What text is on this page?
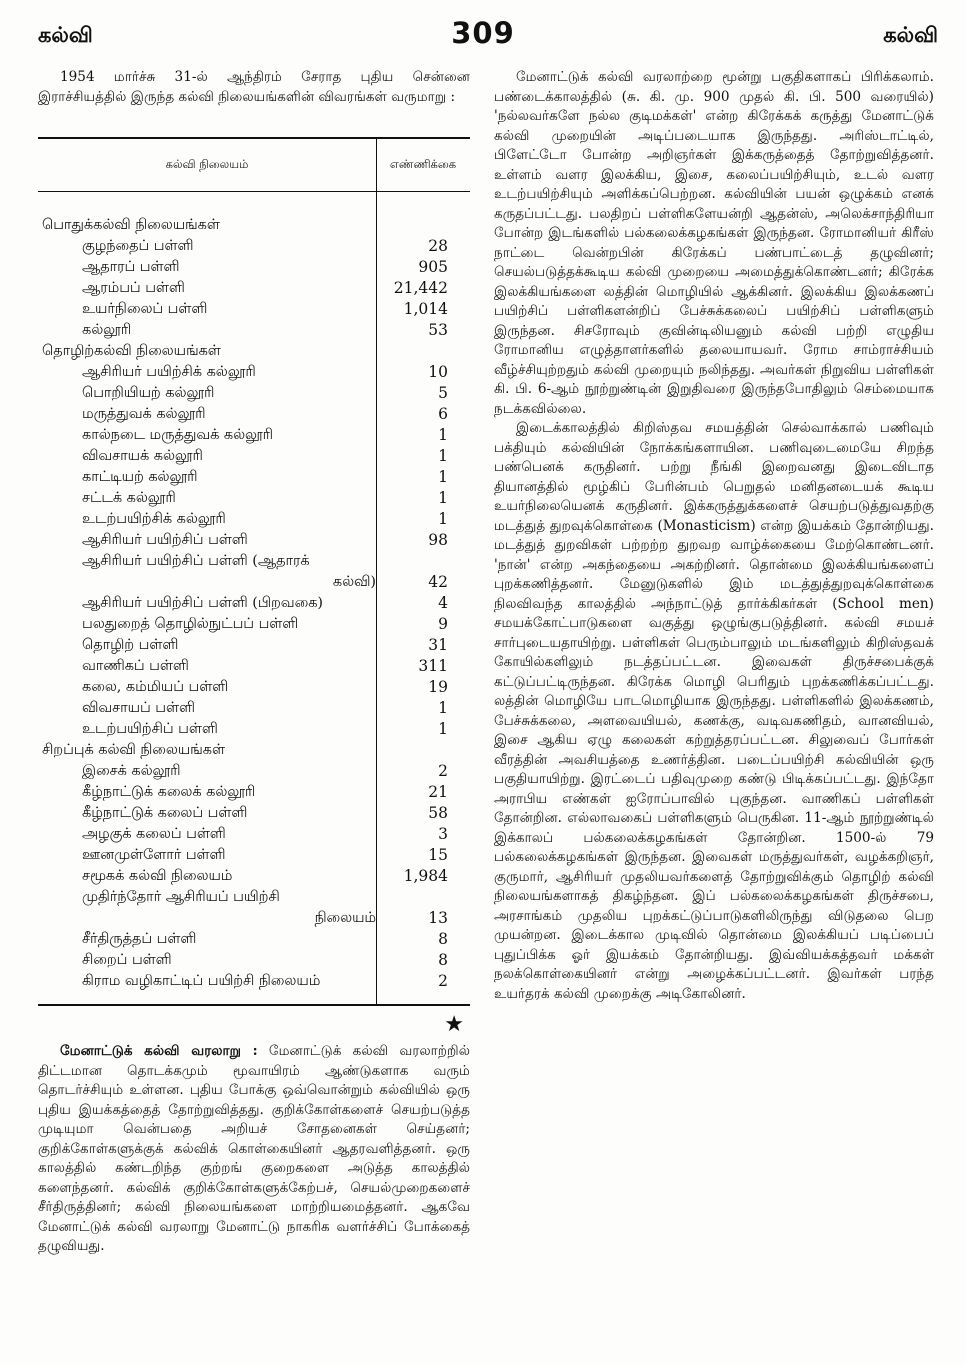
கல்வி	309	கல்வி

1954 மார்ச்சு 31-ல் ஆந்திரம் சேராத புதிய சென்னை இராச்சியத்தில் இருந்த கல்வி நிலையங்களின் விவரங்கள் வருமாறு :

கல்வி நிலையம்	எண்ணிக்கை
பொதுக்கல்வி நிலையங்கள்
குழந்தைப் பள்ளி	28
ஆதாரப் பள்ளி	905
ஆரம்பப் பள்ளி	21,442
உயர்நிலைப் பள்ளி	1,014
கல்லூரி	53
தொழிற்கல்வி நிலையங்கள்
ஆசிரியர் பயிற்சிக் கல்லூரி	10
பொறியியற் கல்லூரி	5
மருத்துவக் கல்லூரி	6
கால்நடை மருத்துவக் கல்லூரி	1
விவசாயக் கல்லூரி	1
காட்டியற் கல்லூரி	1
சட்டக் கல்லூரி	1
உடற்பயிற்சிக் கல்லூரி	1
ஆசிரியர் பயிற்சிப் பள்ளி	98
ஆசிரியர் பயிற்சிப் பள்ளி (ஆதாரக்
கல்வி)	42
ஆசிரியர் பயிற்சிப் பள்ளி (பிறவகை)	4
பலதுறைத் தொழில்நுட்பப் பள்ளி	9
தொழிற் பள்ளி	31
வாணிகப் பள்ளி	311
கலை, கம்மியப் பள்ளி	19
விவசாயப் பள்ளி	1
உடற்பயிற்சிப் பள்ளி	1
சிறப்புக் கல்வி நிலையங்கள்
இசைக் கல்லூரி	2
கீழ்நாட்டுக் கலைக் கல்லூரி	21
கீழ்நாட்டுக் கலைப் பள்ளி	58
அழகுக் கலைப் பள்ளி	3
ஊனமுள்ளோர் பள்ளி	15
சமூகக் கல்வி நிலையம்	1,984
முதிர்ந்தோர் ஆசிரியப் பயிற்சி
நிலையம்	13
சீர்திருத்தப் பள்ளி	8
சிறைப் பள்ளி	8
கிராம வழிகாட்டிப் பயிற்சி நிலையம்	2
★

மேனாட்டுக் கல்வி வரலாறு : மேனாட்டுக் கல்வி வரலாற்றில் திட்டமான தொடக்கமும் மூவாயிரம் ஆண்டுகளாக வரும் தொடர்ச்சியும் உள்ளன. புதிய போக்கு ஒவ்வொன்றும் கல்வியில் ஒரு புதிய இயக்கத்தைத் தோற்றுவித்தது. குறிக்கோள்களைச் செயற்படுத்த முடியுமா வென்பதை அறியச் சோதனைகள் செய்தனர்; குறிக்கோள்களுக்குக் கல்விக் கொள்கையினர் ஆதரவளித்தனர். ஒரு காலத்தில் கண்டறிந்த குற்றங் குறைகளை அடுத்த காலத்தில் களைந்தனர். கல்விக் குறிக்கோள்களுக்கேற்பச், செயல்முறைகளைச் சீர்திருத்தினர்; கல்வி நிலையங்களை மாற்றியமைத்தனர். ஆகவே மேனாட்டுக் கல்வி வரலாறு மேனாட்டு நாகரிக வளர்ச்சிப் போக்கைத் தழுவியது.

மேனாட்டுக் கல்வி வரலாற்றை மூன்று பகுதிகளாகப் பிரிக்கலாம். பண்டைக்காலத்தில் (சு. கி. மு. 900 முதல் கி. பி. 500 வரையில்) 'நல்லவர்களே நல்ல குடிமக்கள்' என்ற கிரேக்கக் கருத்து மேனாட்டுக் கல்வி முறையின் அடிப்படையாக இருந்தது. அரிஸ்டாட்டில், பிளேட்டோ போன்ற அறிஞர்கள் இக்கருத்தைத் தோற்றுவித்தனர். உள்ளம் வளர இலக்கிய, இசை, கலைப்பயிற்சியும், உடல் வளர உடற்பயிற்சியும் அளிக்கப்பெற்றன. கல்வியின் பயன் ஒழுக்கம் எனக் கருதப்பட்டது. பலதிறப் பள்ளிகளேயன்றி ஆதன்ஸ், அலெக்சாந்திரியா போன்ற இடங்களில் பல்கலைக்கழகங்கள் இருந்தன. ரோமானியர் கிரீஸ் நாட்டை வென்றபின் கிரேக்கப் பண்பாட்டைத் தழுவினர்; செயல்படுத்தக்கூடிய கல்வி முறையை அமைத்துக்கொண்டனர்; கிரேக்க இலக்கியங்களை லத்தின் மொழியில் ஆக்கினர். இலக்கிய இலக்கணப் பயிற்சிப் பள்ளிகளன்றிப் பேச்சுக்கலைப் பயிற்சிப் பள்ளிகளும் இருந்தன. சிசரோவும் குவின்டிலியனும் கல்வி பற்றி எழுதிய ரோமானிய எழுத்தாளர்களில் தலையாயவர். ரோம சாம்ராச்சியம் வீழ்ச்சியுற்றதும் கல்வி முறையும் நலிந்தது. அவர்கள் நிறுவிய பள்ளிகள் கி. பி. 6-ஆம் நூற்றுண்டின் இறுதிவரை இருந்தபோதிலும் செம்மையாக நடக்கவில்லை.

இடைக்காலத்தில் கிறிஸ்தவ சமயத்தின் செல்வாக்கால் பணிவும் பக்தியும் கல்வியின் நோக்கங்களாயின. பணிவுடைமையே சிறந்த பண்பெனக் கருதினர். பற்று நீங்கி இறைவனது இடைவிடாத தியானத்தில் மூழ்கிப் பேரின்பம் பெறுதல் மனிதனடையக் கூடிய உயர்நிலையெனக் கருதினர். இக்கருத்துக்களைச் செயற்படுத்துவதற்கு மடத்துத் துறவுக்கொள்கை (Monasticism) என்ற இயக்கம் தோன்றியது. மடத்துத் துறவிகள் பற்றற்ற துறவற வாழ்க்கையை மேற்கொண்டனர். 'நான்' என்ற அகந்தையை அகற்றினர். தொன்மை இலக்கியங்களைப் புறக்கணித்தனர். மேனுடுகளில் இம் மடத்துத்துறவுக்கொள்கை நிலவிவந்த காலத்தில் அந்நாட்டுத் தார்க்கிகர்கள் (School men) சமயக்கோட்பாடுகளை வகுத்து ஒழுங்குபடுத்தினர். கல்வி சமயச் சார்புடையதாயிற்று. பள்ளிகள் பெரும்பாலும் மடங்களிலும் கிறிஸ்தவக் கோயில்களிலும் நடத்தப்பட்டன. இவைகள் திருச்சபைக்குக் கட்டுப்பட்டிருந்தன. கிரேக்க மொழி பெரிதும் புறக்கணிக்கப்பட்டது. லத்தின் மொழியே பாடமொழியாக இருந்தது. பள்ளிகளில் இலக்கணம், பேச்சுக்கலை, அளவையியல், கணக்கு, வடிவகணிதம், வானவியல், இசை ஆகிய ஏழு கலைகள் கற்றுத்தரப்பட்டன. சிலுவைப் போர்கள் வீரத்தின் அவசியத்தை உணர்த்தின. படைப்பயிற்சி கல்வியின் ஒரு பகுதியாயிற்று. இரட்டைப் பதிவுமுறை கண்டு பிடிக்கப்பட்டது. இந்தோ அராபிய எண்கள் ஐரோப்பாவில் புகுந்தன. வாணிகப் பள்ளிகள் தோன்றின. எல்லாவகைப் பள்ளிகளும் பெருகின. 11-ஆம் நூற்றுண்டில் இக்காலப் பல்கலைக்கழகங்கள் தோன்றின. 1500-ல் 79 பல்கலைக்கழகங்கள் இருந்தன. இவைகள் மருத்துவர்கள், வழக்கறிஞர், குருமார், ஆசிரியர் முதலியவர்களைத் தோற்றுவிக்கும் தொழிற் கல்வி நிலையங்களாகத் திகழ்ந்தன. இப் பல்கலைக்கழகங்கள் திருச்சபை, அரசாங்கம் முதலிய புறக்கட்டுப்பாடுகளிலிருந்து விடுதலை பெற முயன்றன. இடைக்கால முடிவில் தொன்மை இலக்கியப் படிப்பைப் புதுப்பிக்க ஓர் இயக்கம் தோன்றியது. இவ்வியக்கத்தவர் மக்கள் நலக்கொள்கையினர் என்று அழைக்கப்பட்டனர். இவர்கள் பரந்த உயர்தரக் கல்வி முறைக்கு அடிகோலினர்.
